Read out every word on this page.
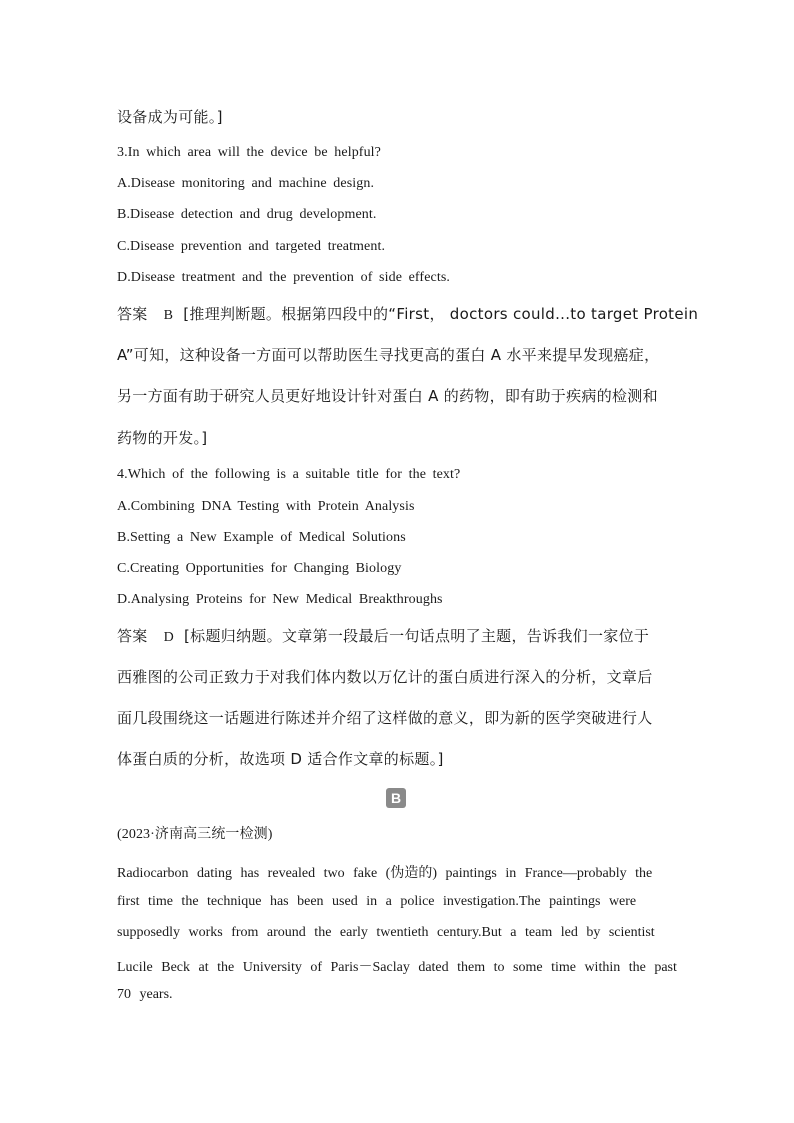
设备成为可能。]
3.In which area will the device be helpful?
A.Disease monitoring and machine design.
B.Disease detection and drug development.
C.Disease prevention and targeted treatment.
D.Disease treatment and the prevention of side effects.
答案 B [推理判断题。根据第四段中的“First， doctors could...to target Protein
A”可知，这种设备一方面可以帮助医生寻找更高的蛋白 A 水平来提早发现癌症，
另一方面有助于研究人员更好地设计针对蛋白 A 的药物，即有助于疾病的检测和
药物的开发。]
4.Which of the following is a suitable title for the text?
A.Combining DNA Testing with Protein Analysis
B.Setting a New Example of Medical Solutions
C.Creating Opportunities for Changing Biology
D.Analysing Proteins for New Medical Breakthroughs
答案 D [标题归纳题。文章第一段最后一句话点明了主题，告诉我们一家位于
西雅图的公司正致力于对我们体内数以万亿计的蛋白质进行深入的分析，文章后
面几段围绕这一话题进行陈述并介绍了这样做的意义，即为新的医学突破进行人
体蛋白质的分析，故选项 D 适合作文章的标题。]
B
(2023·济南高三统一检测)
Radiocarbon dating has revealed two fake (伪造的) paintings in France—probably the
first time the technique has been used in a police investigation.The paintings were
supposedly works from around the early twentieth century.But a team led by scientist
Lucile Beck at the University of Paris－Saclay dated them to some time within the past
70 years.
